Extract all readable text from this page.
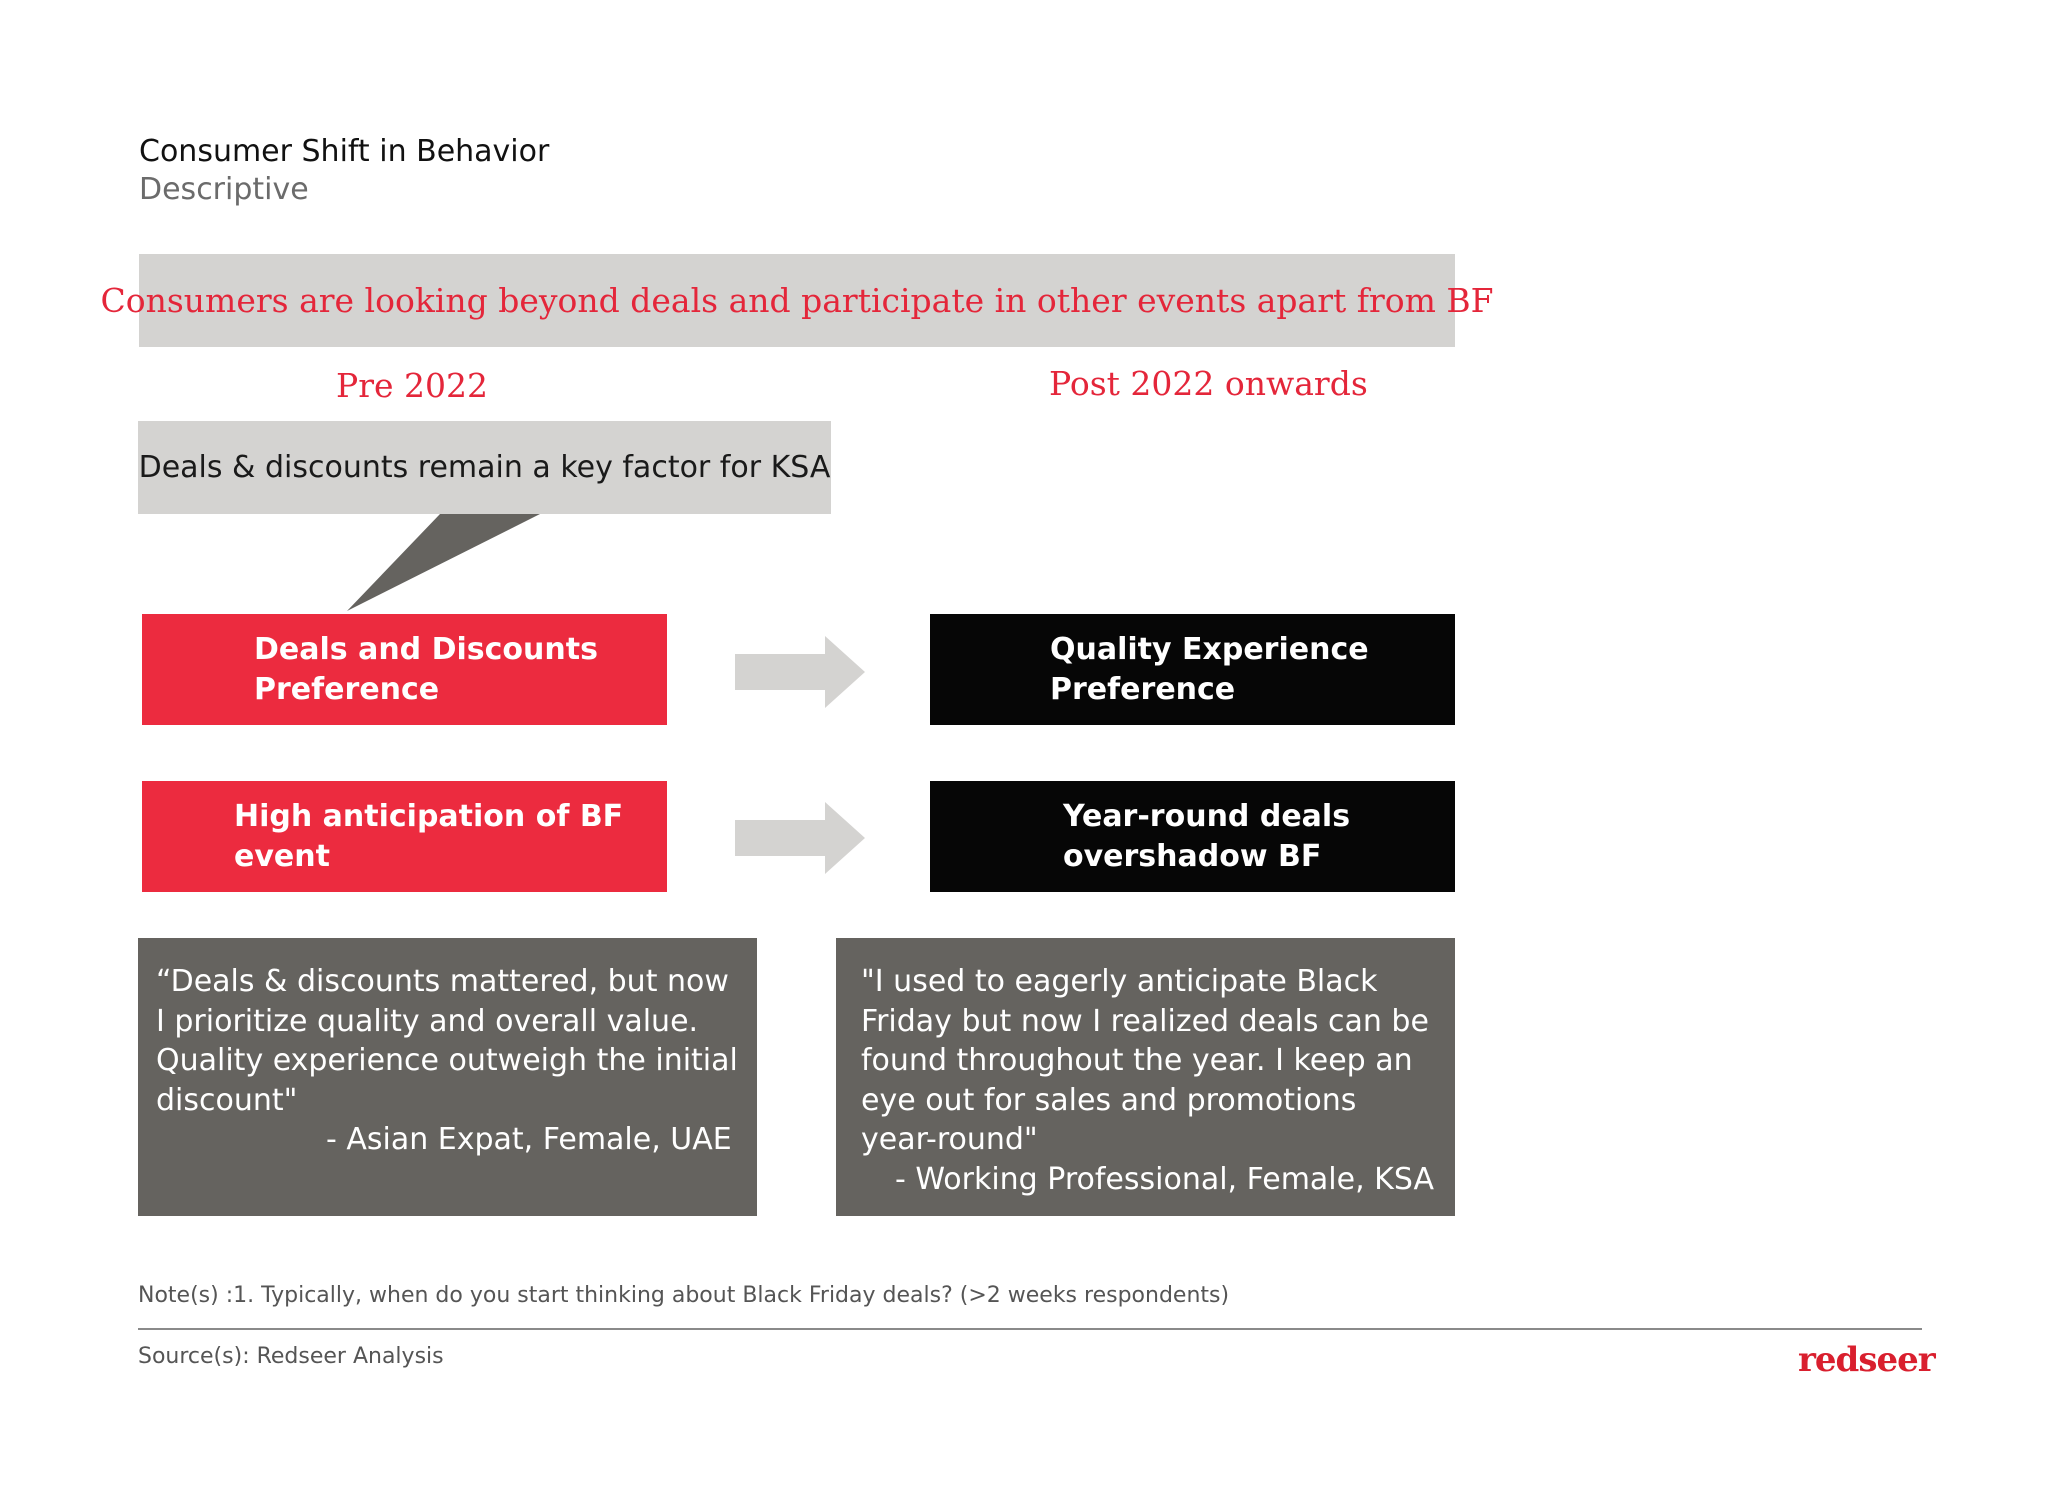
Consumer Shift in Behavior
Descriptive
Consumers are looking beyond deals and participate in other events apart from BF
Pre 2022	Post 2022 onwards
Deals & discounts remain a key factor for KSA
Deals and Discounts
Preference
Quality Experience
Preference
High anticipation of BF
event
Year-round deals
overshadow BF
“Deals & discounts mattered, but now
I prioritize quality and overall value.
Quality experience outweigh the initial
discount"
- Asian Expat, Female, UAE
"I used to eagerly anticipate Black
Friday but now I realized deals can be
found throughout the year. I keep an
eye out for sales and promotions
year-round"
- Working Professional, Female, KSA
Note(s) :1. Typically, when do you start thinking about Black Friday deals? (>2 weeks respondents)
Source(s): Redseer Analysis	redseer
